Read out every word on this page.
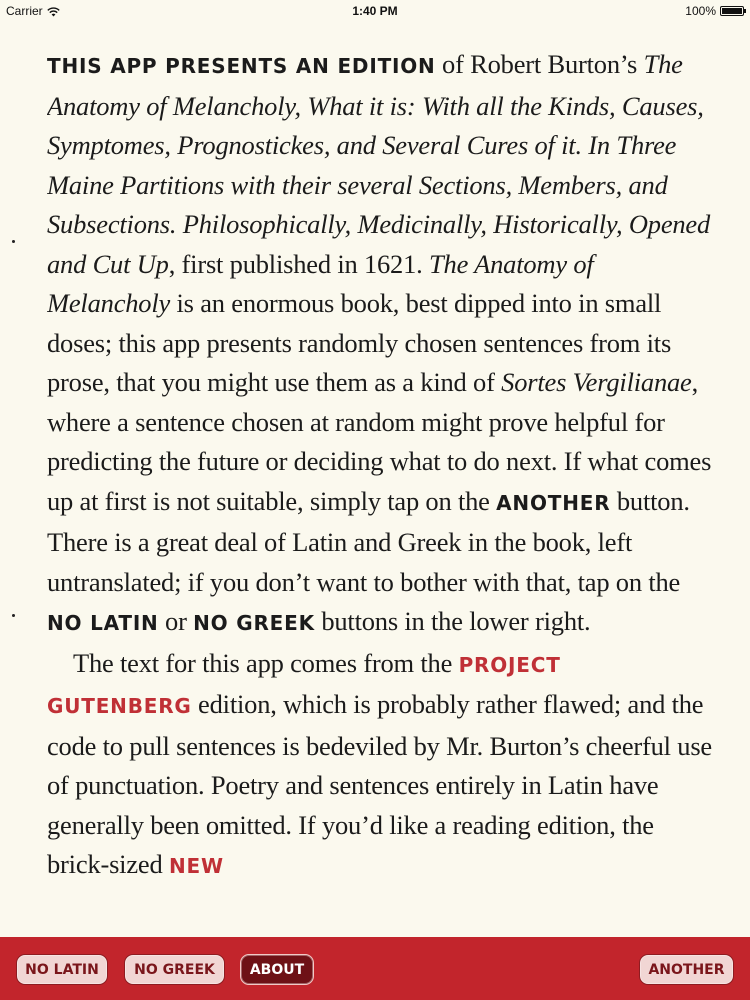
Carrier	1:40 PM	100%

THIS APP PRESENTS AN EDITION of Robert Burton’s The Anatomy of Melancholy, What it is: With all the Kinds, Causes, Symptomes, Prognostickes, and Several Cures of it. In Three Maine Partitions with their several Sections, Members, and Subsections. Philosophically, Medicinally, Historically, Opened and Cut Up, first published in 1621. The Anatomy of Melancholy is an enormous book, best dipped into in small doses; this app presents randomly chosen sentences from its prose, that you might use them as a kind of Sortes Vergilianae, where a sentence chosen at random might prove helpful for predicting the future or deciding what to do next. If what comes up at first is not suitable, simply tap on the ANOTHER button. There is a great deal of Latin and Greek in the book, left untranslated; if you don’t want to bother with that, tap on the NO LATIN or NO GREEK buttons in the lower right.

The text for this app comes from the PROJECT GUTENBERG edition, which is probably rather flawed; and the code to pull sentences is bedeviled by Mr. Burton’s cheerful use of punctuation. Poetry and sentences entirely in Latin have generally been omitted. If you’d like a reading edition, the brick-sized NEW

NO LATIN	NO GREEK	ABOUT	ANOTHER
